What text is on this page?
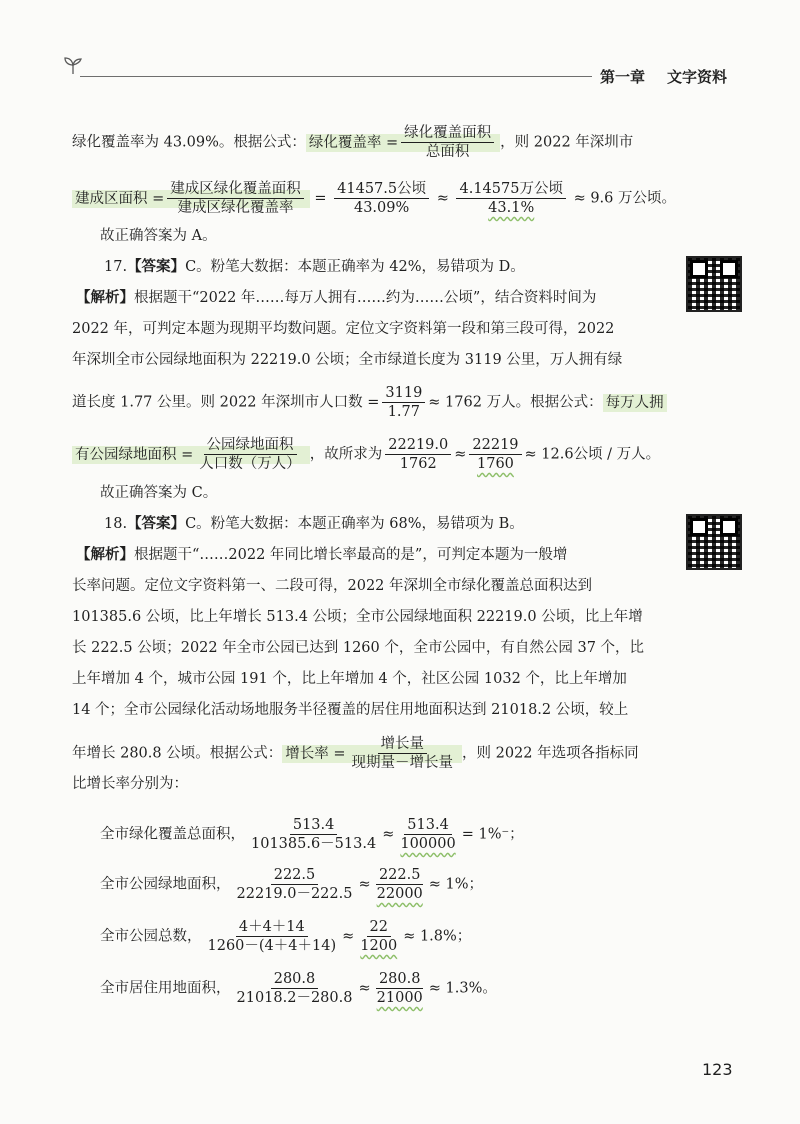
第一章 文字资料
绿化覆盖率为 43.09%。根据公式： 绿化覆盖率 = $\frac{\text{绿化覆盖面积}}{\text{总面积}}$ ，则 2022 年深圳市
建成区面积 = $\frac{\text{建成区绿化覆盖面积}}{\text{建成区绿化覆盖率}} = \frac{\text{41457.5公顷}}{43.09\%} \approx \frac{\text{4.14575万公顷}}{43.1\%} \approx 9.6$ 万公顷。
故正确答案为 A。
17.【答案】C。粉笔大数据：本题正确率为 42%，易错项为 D。
【解析】根据题干“2022 年……每万人拥有……约为……公顷”，结合资料时间为
2022 年，可判定本题为现期平均数问题。定位文字资料第一段和第三段可得，2022
年深圳全市公园绿地面积为 22219.0 公顷；全市绿道长度为 3119 公里，万人拥有绿
道长度 1.77 公里。则 2022 年深圳市人口数 = $\frac{3119}{1.77} \approx 1762$ 万人。根据公式： 每万人拥
有公园绿地面积 = $\frac{\text{公园绿地面积}}{\text{人口数（万人）}}$ ，故所求为 $\frac{22219.0}{1762} \approx \frac{22219}{1760} \approx 12.6$公顷 / 万人。
故正确答案为 C。
18.【答案】C。粉笔大数据：本题正确率为 68%，易错项为 B。
【解析】根据题干“……2022 年同比增长率最高的是”，可判定本题为一般增
长率问题。定位文字资料第一、二段可得，2022 年深圳全市绿化覆盖总面积达到
101385.6 公顷，比上年增长 513.4 公顷；全市公园绿地面积 22219.0 公顷，比上年增
长 222.5 公顷；2022 年全市公园已达到 1260 个，全市公园中，有自然公园 37 个，比
上年增加 4 个，城市公园 191 个，比上年增加 4 个，社区公园 1032 个，比上年增加
14 个；全市公园绿化活动场地服务半径覆盖的居住用地面积达到 21018.2 公顷，较上
年增长 280.8 公顷。根据公式： 增长率 = $\frac{\text{增长量}}{\text{现期量－增长量}}$ ，则 2022 年选项各指标同
比增长率分别为：
全市绿化覆盖总面积， $\frac{513.4}{101385.6-513.4} \approx \frac{513.4}{100000} = 1\%^-$；
全市公园绿地面积， $\frac{222.5}{22219.0-222.5} \approx \frac{222.5}{22000} \approx 1\%$；
全市公园总数， $\frac{4+4+14}{1260-(4+4+14)} \approx \frac{22}{1200} \approx 1.8\%$；
全市居住用地面积， $\frac{280.8}{21018.2-280.8} \approx \frac{280.8}{21000} \approx 1.3\%$。
123
